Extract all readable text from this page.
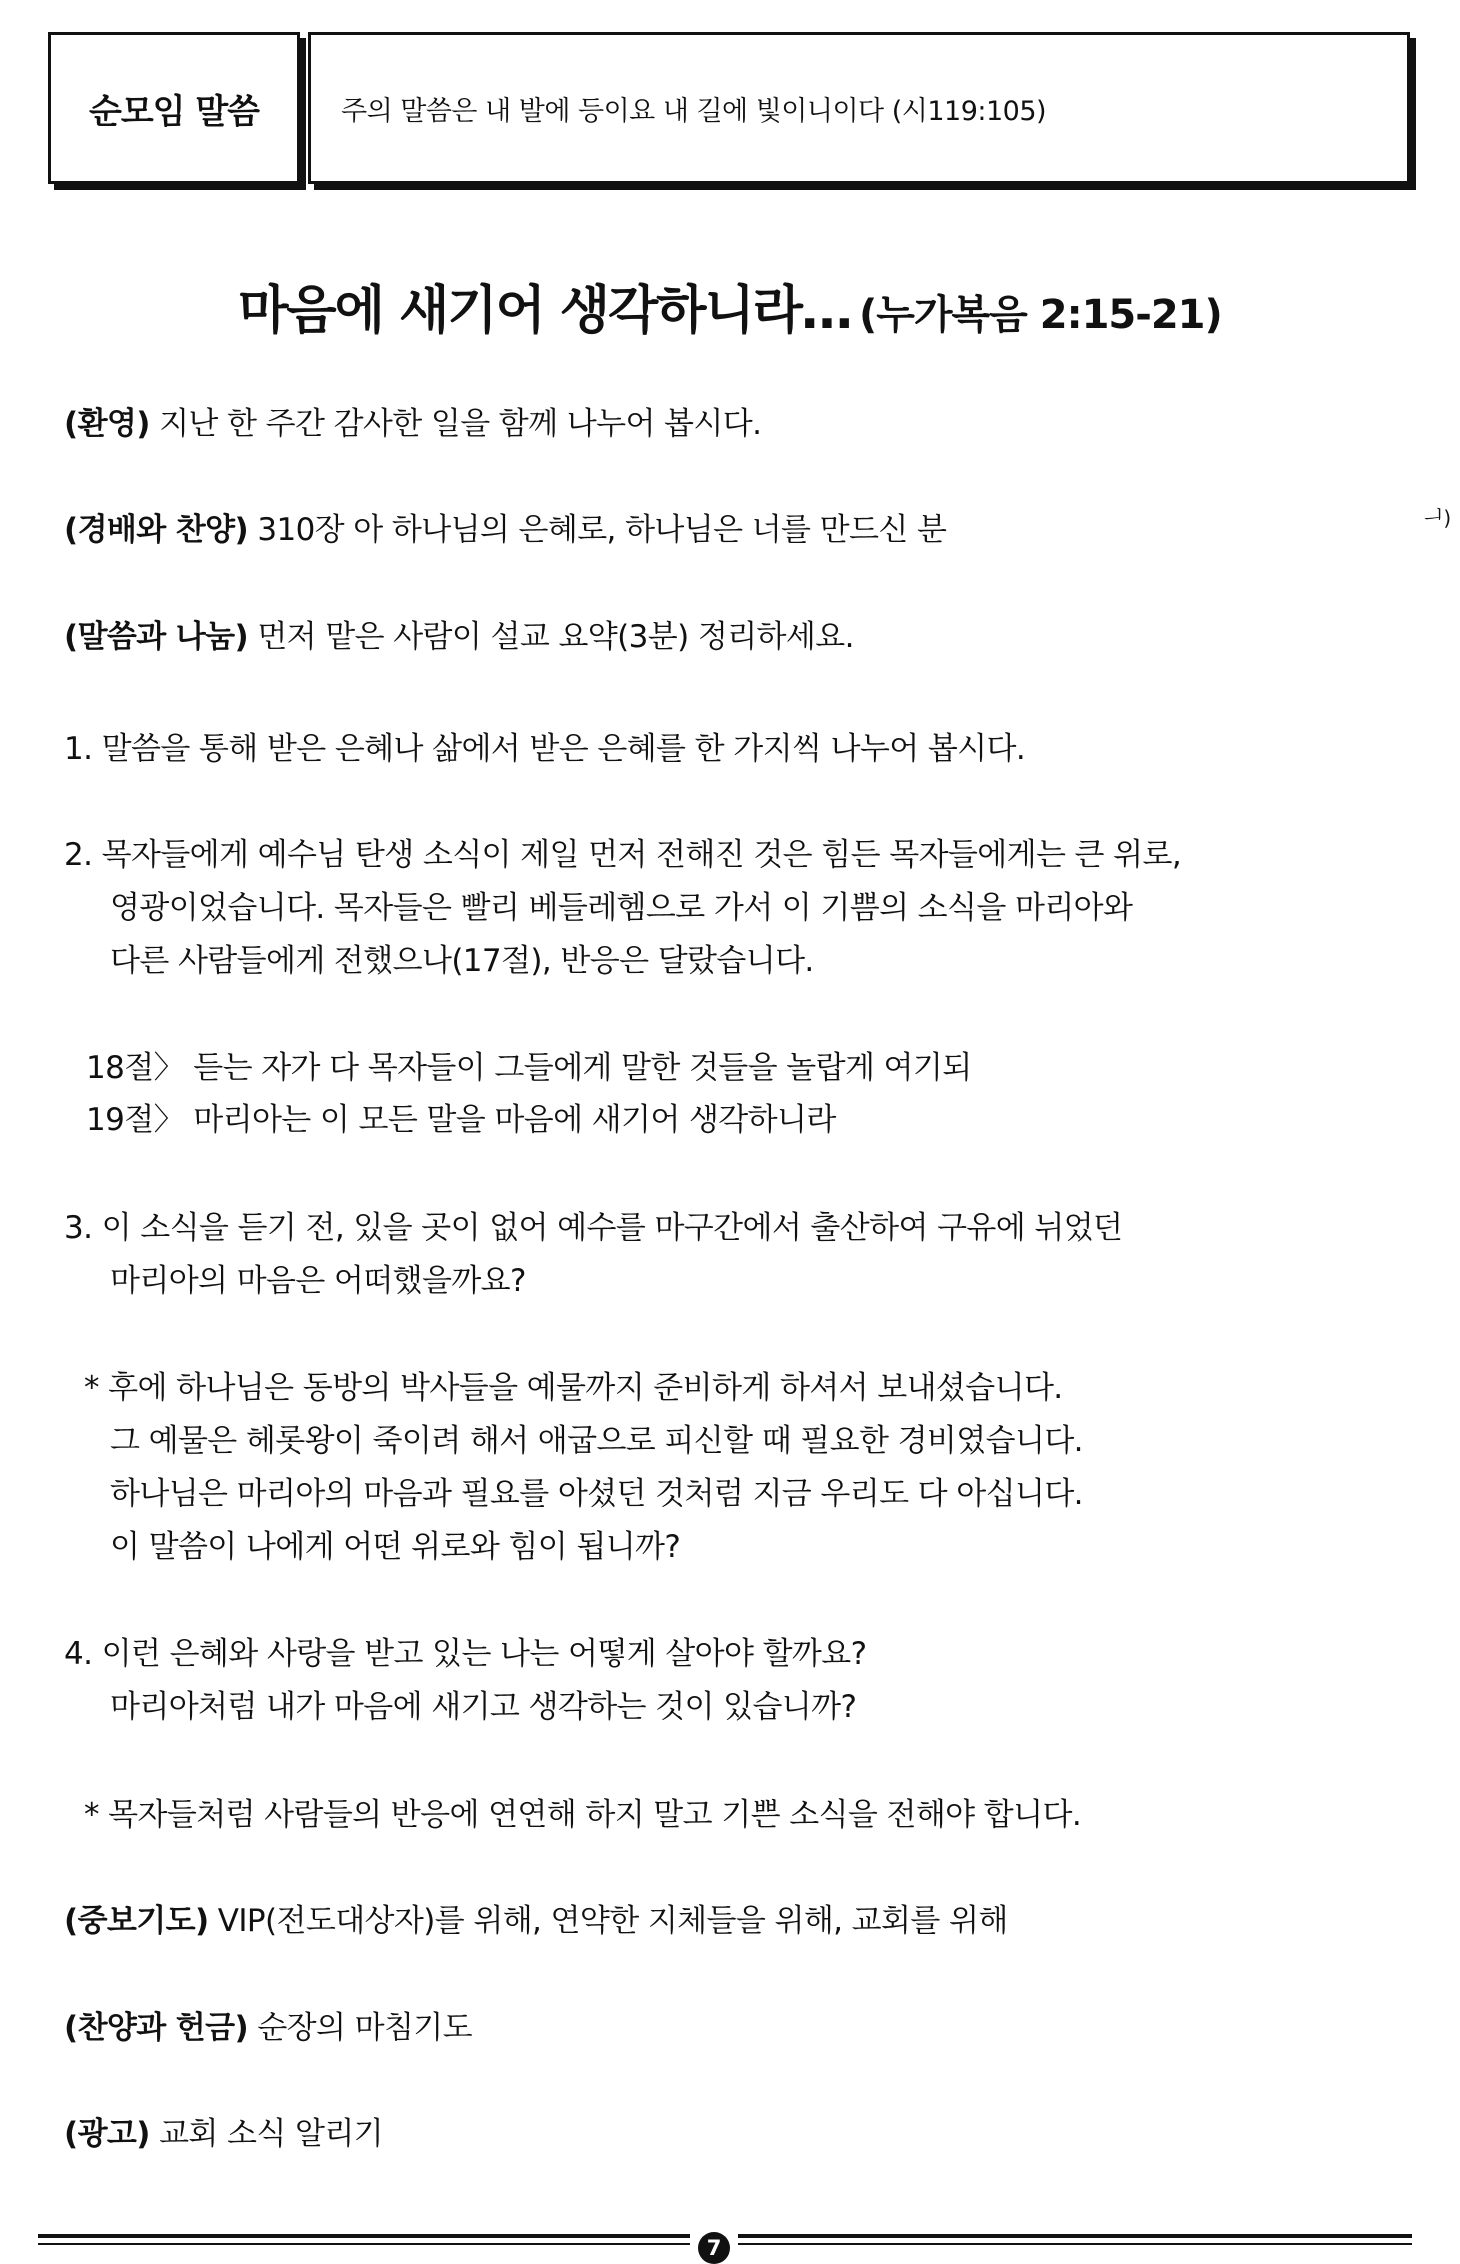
순모임 말씀	주의 말씀은 내 발에 등이요 내 길에 빛이니이다 (시119:105)
ᅴ)
마음에 새기어 생각하니라… (누가복음 2:15-21)
(환영) 지난 한 주간 감사한 일을 함께 나누어 봅시다.
(경배와 찬양) 310장 아 하나님의 은혜로, 하나님은 너를 만드신 분
(말씀과 나눔) 먼저 맡은 사람이 설교 요약(3분) 정리하세요.
1. 말씀을 통해 받은 은혜나 삶에서 받은 은혜를 한 가지씩 나누어 봅시다.
2. 목자들에게 예수님 탄생 소식이 제일 먼저 전해진 것은 힘든 목자들에게는 큰 위로,
영광이었습니다. 목자들은 빨리 베들레헴으로 가서 이 기쁨의 소식을 마리아와
다른 사람들에게 전했으나(17절), 반응은 달랐습니다.
18절〉 듣는 자가 다 목자들이 그들에게 말한 것들을 놀랍게 여기되
19절〉 마리아는 이 모든 말을 마음에 새기어 생각하니라
3. 이 소식을 듣기 전, 있을 곳이 없어 예수를 마구간에서 출산하여 구유에 뉘었던
마리아의 마음은 어떠했을까요?
* 후에 하나님은 동방의 박사들을 예물까지 준비하게 하셔서 보내셨습니다.
그 예물은 헤롯왕이 죽이려 해서 애굽으로 피신할 때 필요한 경비였습니다.
하나님은 마리아의 마음과 필요를 아셨던 것처럼 지금 우리도 다 아십니다.
이 말씀이 나에게 어떤 위로와 힘이 됩니까?
4. 이런 은혜와 사랑을 받고 있는 나는 어떻게 살아야 할까요?
마리아처럼 내가 마음에 새기고 생각하는 것이 있습니까?
* 목자들처럼 사람들의 반응에 연연해 하지 말고 기쁜 소식을 전해야 합니다.
(중보기도) VIP(전도대상자)를 위해, 연약한 지체들을 위해, 교회를 위해
(찬양과 헌금) 순장의 마침기도
(광고) 교회 소식 알리기
7
